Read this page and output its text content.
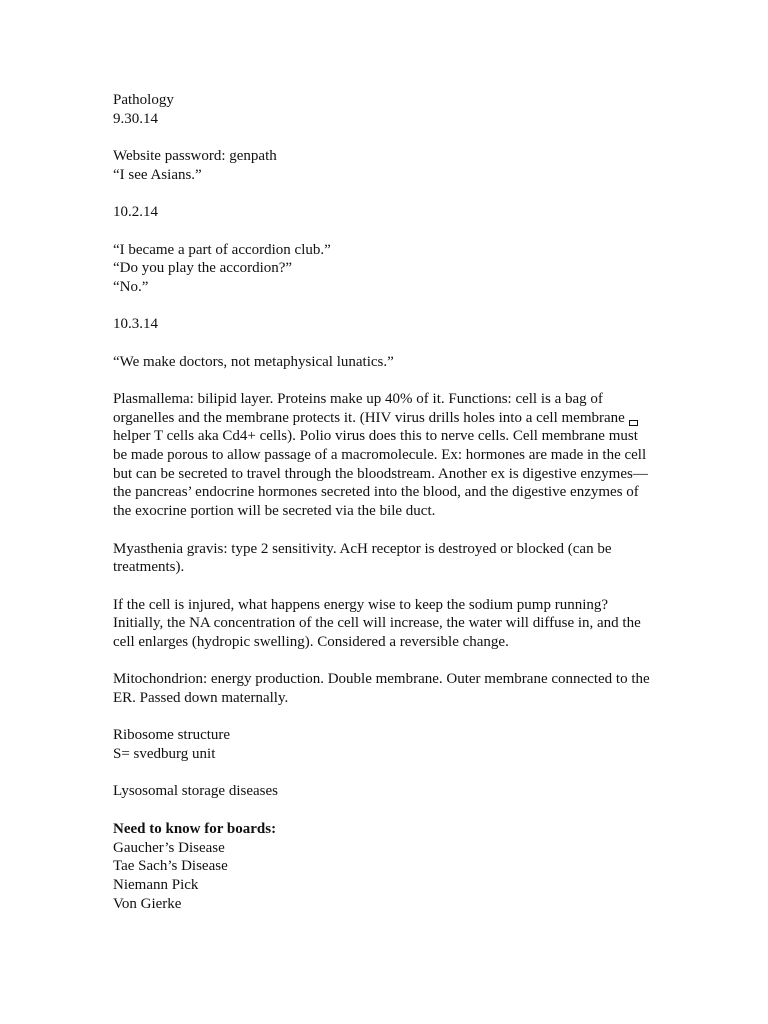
Pathology
9.30.14
Website password: genpath
“I see Asians.”
10.2.14
“I became a part of accordion club.”
“Do you play the accordion?”
“No.”
10.3.14
“We make doctors, not metaphysical lunatics.”
Plasmallema: bilipid layer. Proteins make up 40% of it. Functions: cell is a bag of
organelles and the membrane protects it. (HIV virus drills holes into a cell membrane
helper T cells aka Cd4+ cells). Polio virus does this to nerve cells. Cell membrane must
be made porous to allow passage of a macromolecule. Ex: hormones are made in the cell
but can be secreted to travel through the bloodstream. Another ex is digestive enzymes—
the pancreas’ endocrine hormones secreted into the blood, and the digestive enzymes of
the exocrine portion will be secreted via the bile duct.
Myasthenia gravis: type 2 sensitivity. AcH receptor is destroyed or blocked (can be
treatments).
If the cell is injured, what happens energy wise to keep the sodium pump running?
Initially, the NA concentration of the cell will increase, the water will diffuse in, and the
cell enlarges (hydropic swelling). Considered a reversible change.
Mitochondrion: energy production. Double membrane. Outer membrane connected to the
ER. Passed down maternally.
Ribosome structure
S= svedburg unit
Lysosomal storage diseases
Need to know for boards:
Gaucher’s Disease
Tae Sach’s Disease
Niemann Pick
Von Gierke
